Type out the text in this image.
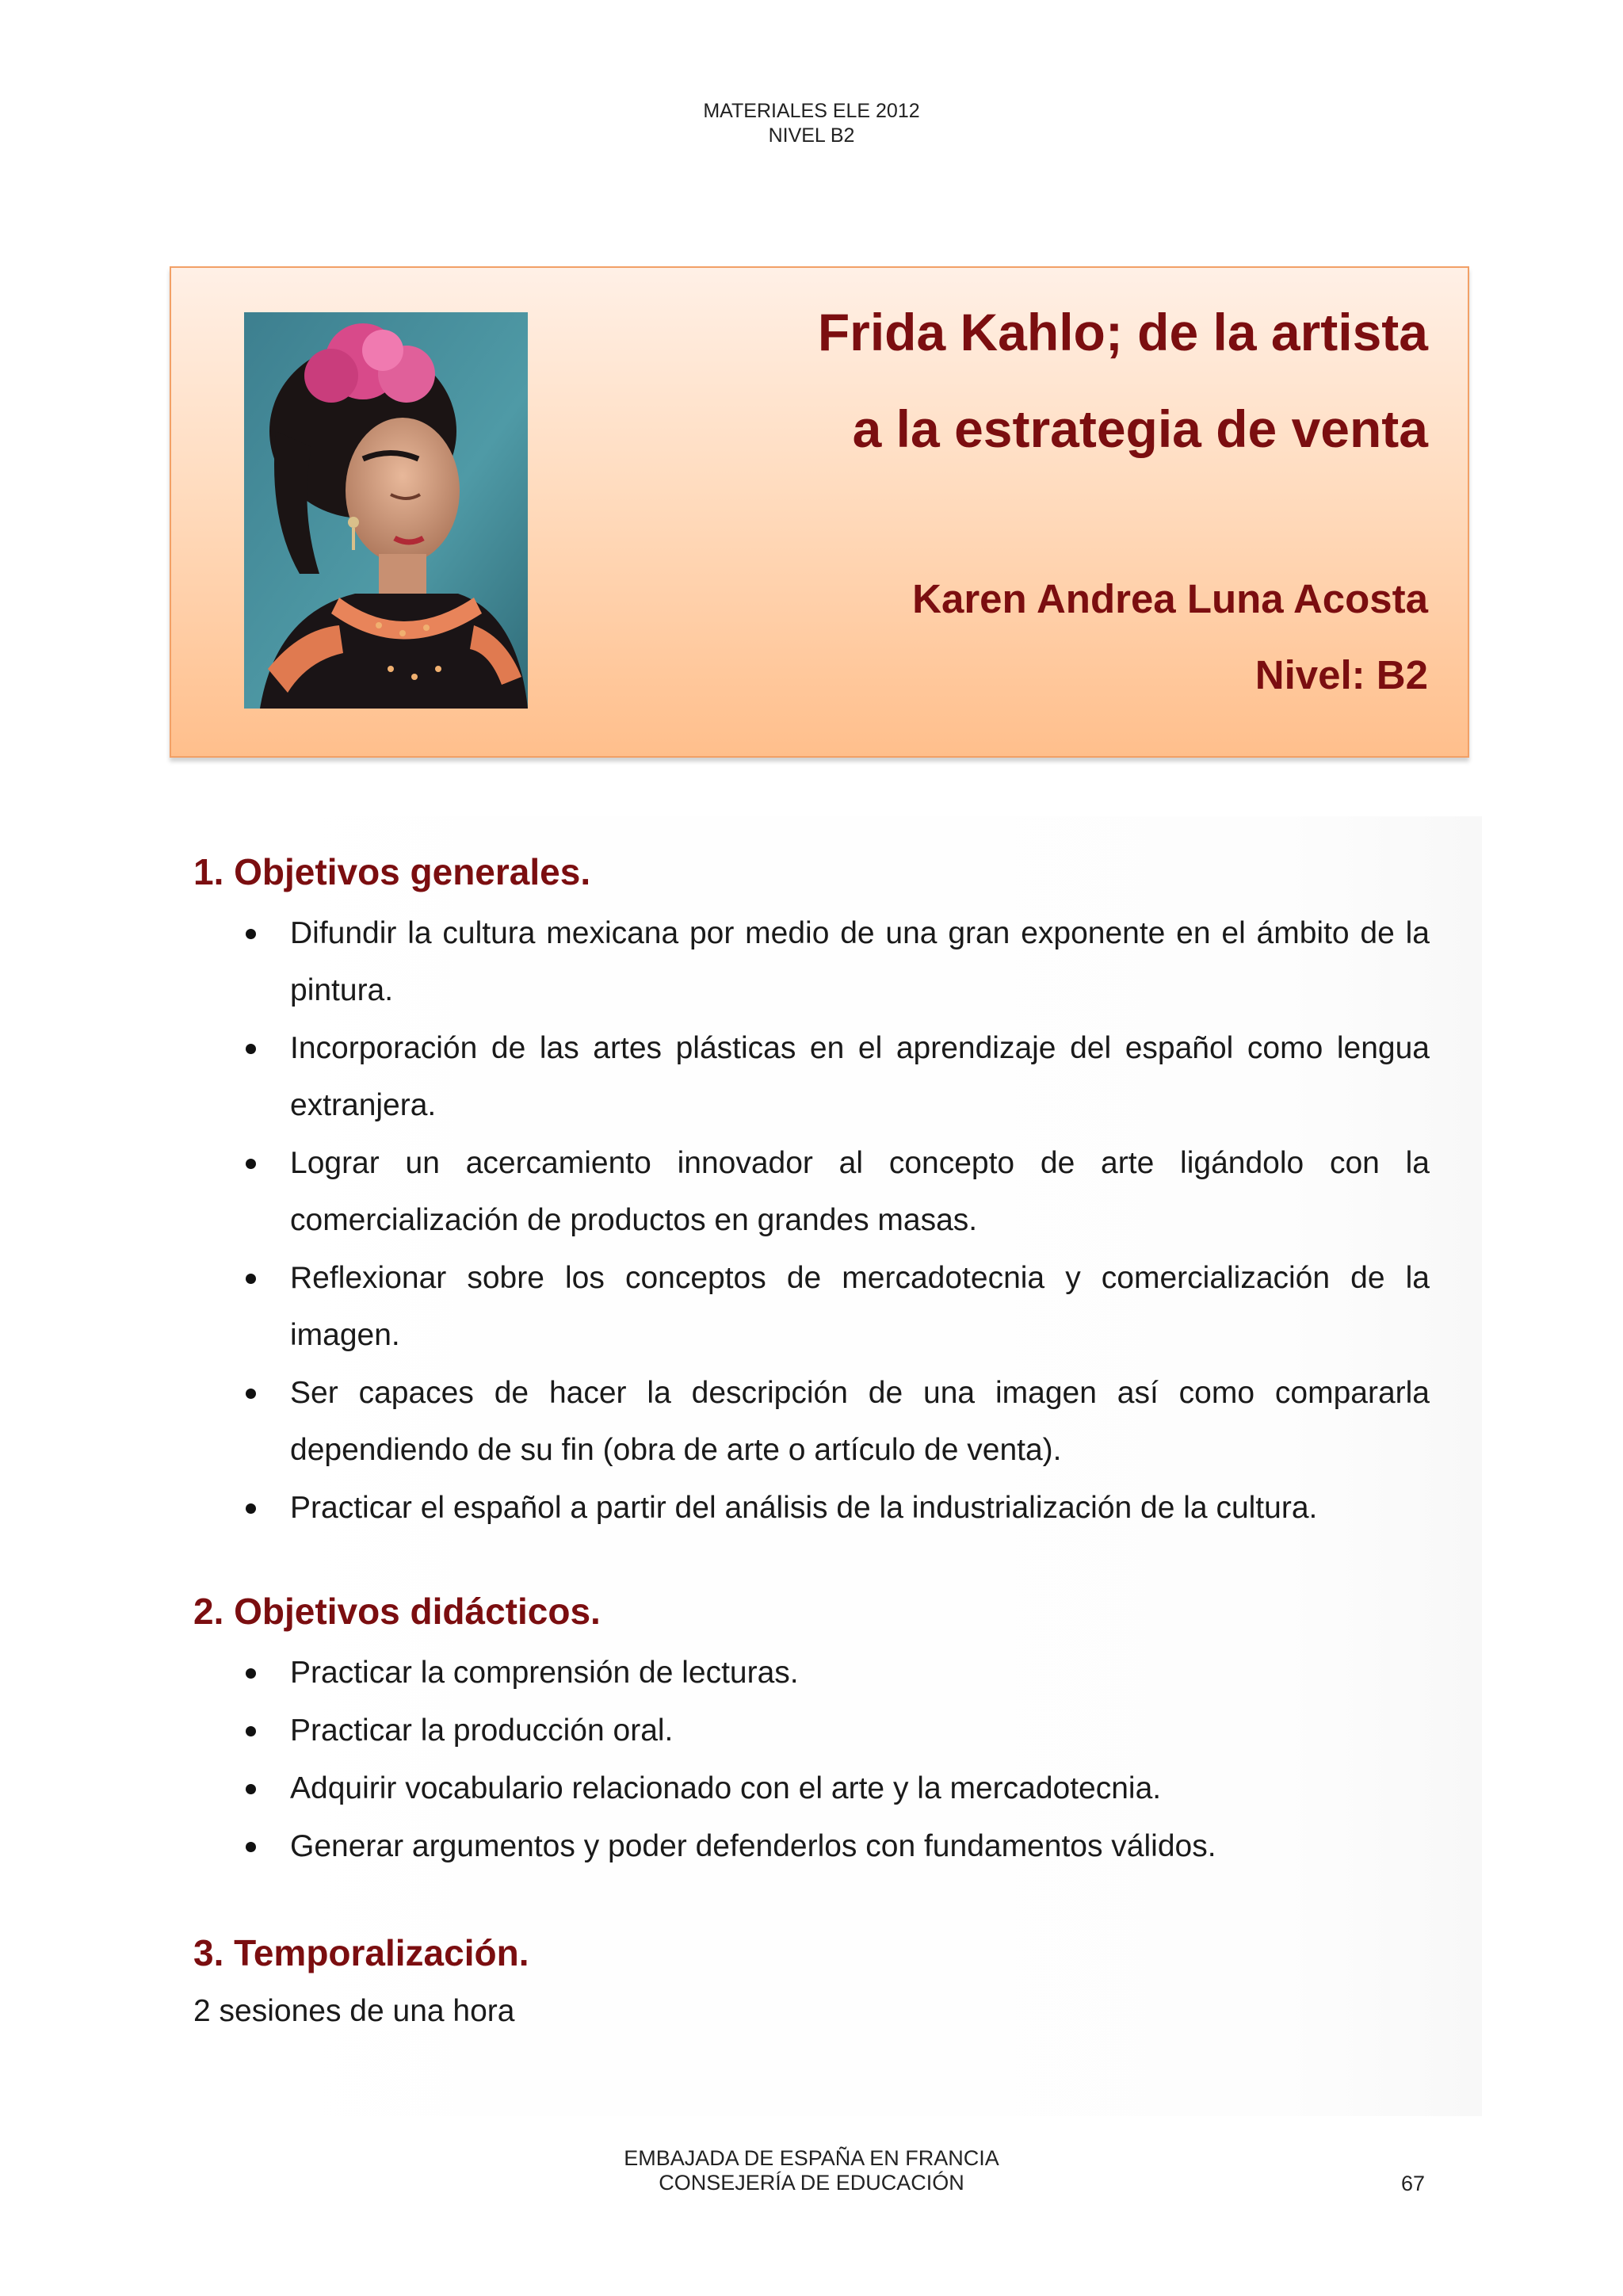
MATERIALES ELE 2012
NIVEL B2
Frida Kahlo; de la artista
a la estrategia de venta
Karen Andrea Luna Acosta
Nivel: B2
1. Objetivos generales.
Difundir la cultura mexicana por medio de una gran exponente en el ámbito de la pintura.
Incorporación de las artes plásticas en el aprendizaje del español como lengua extranjera.
Lograr un acercamiento innovador al concepto de arte ligándolo con la comercialización de productos en grandes masas.
Reflexionar sobre los conceptos de mercadotecnia y comercialización de la imagen.
Ser capaces de hacer la descripción de una imagen así como compararla dependiendo de su fin (obra de arte o artículo de venta).
Practicar el español a partir del análisis de la industrialización de la cultura.
2. Objetivos didácticos.
Practicar la comprensión de lecturas.
Practicar la producción oral.
Adquirir vocabulario relacionado con el arte y la mercadotecnia.
Generar argumentos y poder defenderlos con fundamentos válidos.
3. Temporalización.

2 sesiones de una hora

EMBAJADA DE ESPAÑA EN FRANCIA
CONSEJERÍA DE EDUCACIÓN	67
